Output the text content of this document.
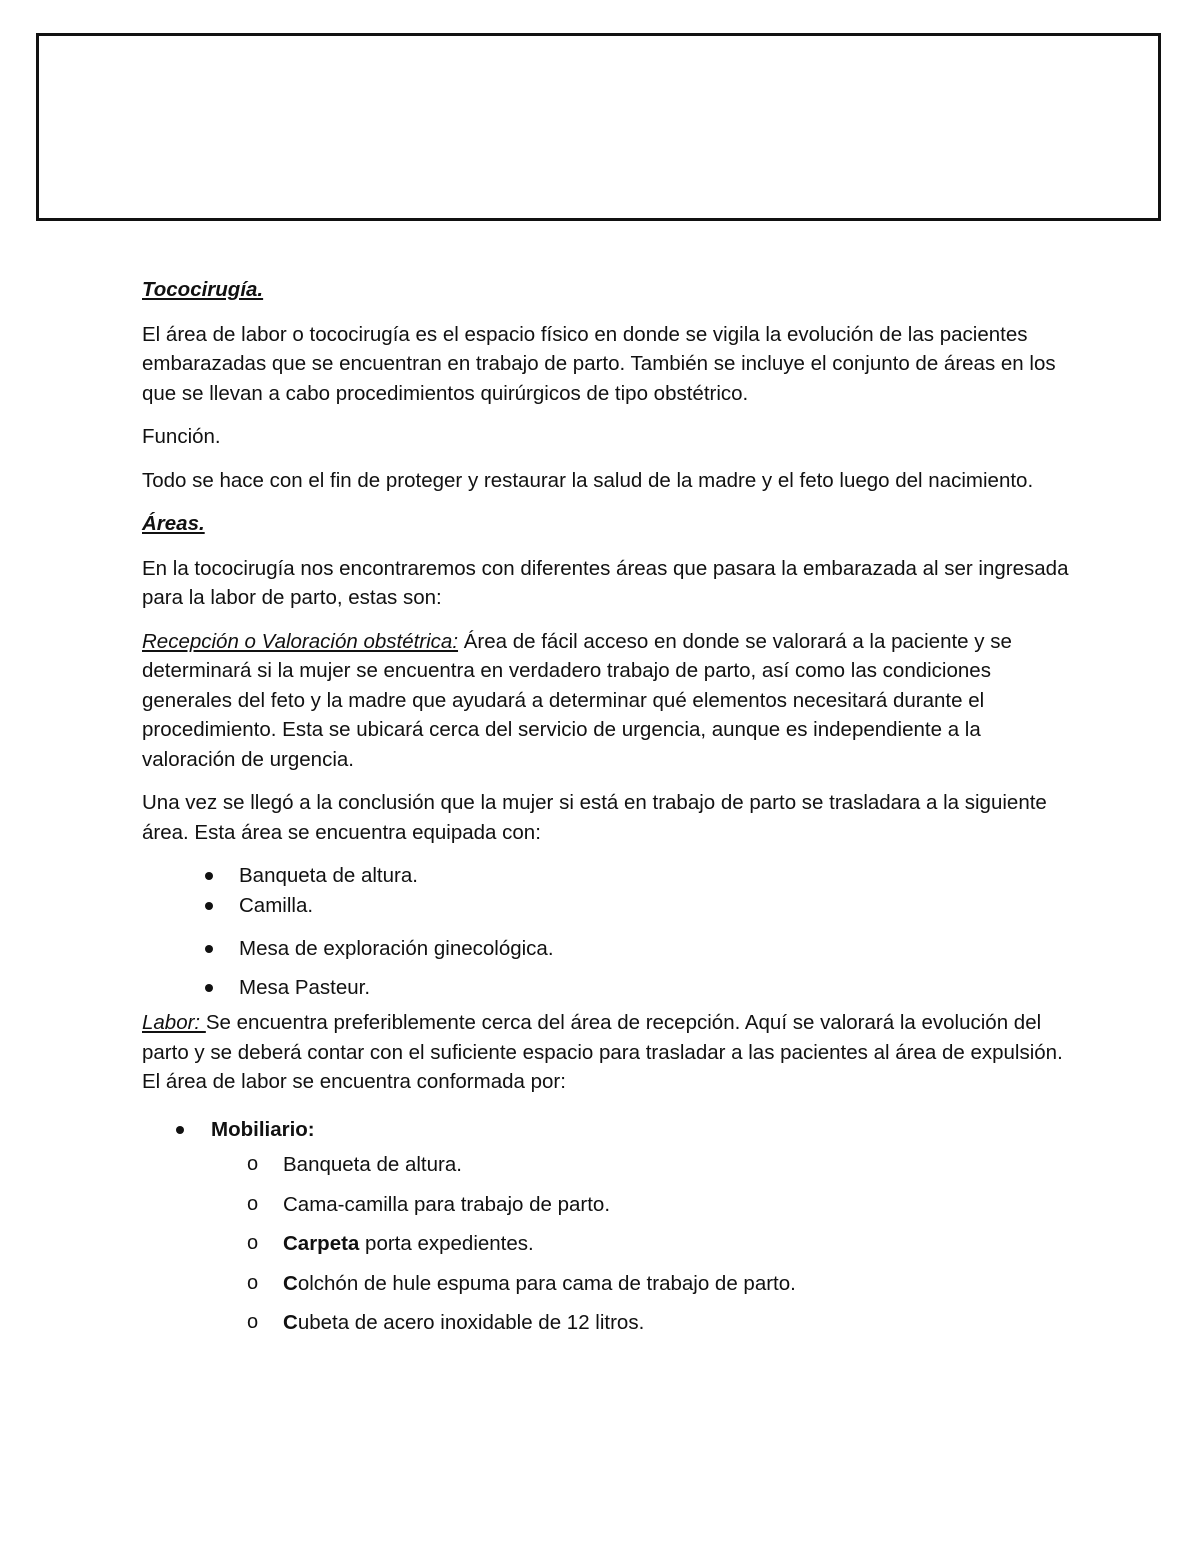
Tococirugía.

El área de labor o tococirugía es el espacio físico en donde se vigila la evolución de las pacientes embarazadas que se encuentran en trabajo de parto. También se incluye el conjunto de áreas en los que se llevan a cabo procedimientos quirúrgicos de tipo obstétrico.

Función.

Todo se hace con el fin de proteger y restaurar la salud de la madre y el feto luego del nacimiento.

Áreas.

En la tococirugía nos encontraremos con diferentes áreas que pasara la embarazada al ser ingresada para la labor de parto, estas son:

Recepción o Valoración obstétrica: Área de fácil acceso en donde se valorará a la paciente y se determinará si la mujer se encuentra en verdadero trabajo de parto, así como las condiciones generales del feto y la madre que ayudará a determinar qué elementos necesitará durante el procedimiento. Esta se ubicará cerca del servicio de urgencia, aunque es independiente a la valoración de urgencia.

Una vez se llegó a la conclusión que la mujer si está en trabajo de parto se trasladara a la siguiente área. Esta área se encuentra equipada con:

Banqueta de altura.
Camilla.
Mesa de exploración ginecológica.
Mesa Pasteur.

Labor: Se encuentra preferiblemente cerca del área de recepción. Aquí se valorará la evolución del parto y se deberá contar con el suficiente espacio para trasladar a las pacientes al área de expulsión. El área de labor se encuentra conformada por:

Mobiliario:
o Banqueta de altura.
o Cama-camilla para trabajo de parto.
o Carpeta porta expedientes.
o Colchón de hule espuma para cama de trabajo de parto.
o Cubeta de acero inoxidable de 12 litros.
